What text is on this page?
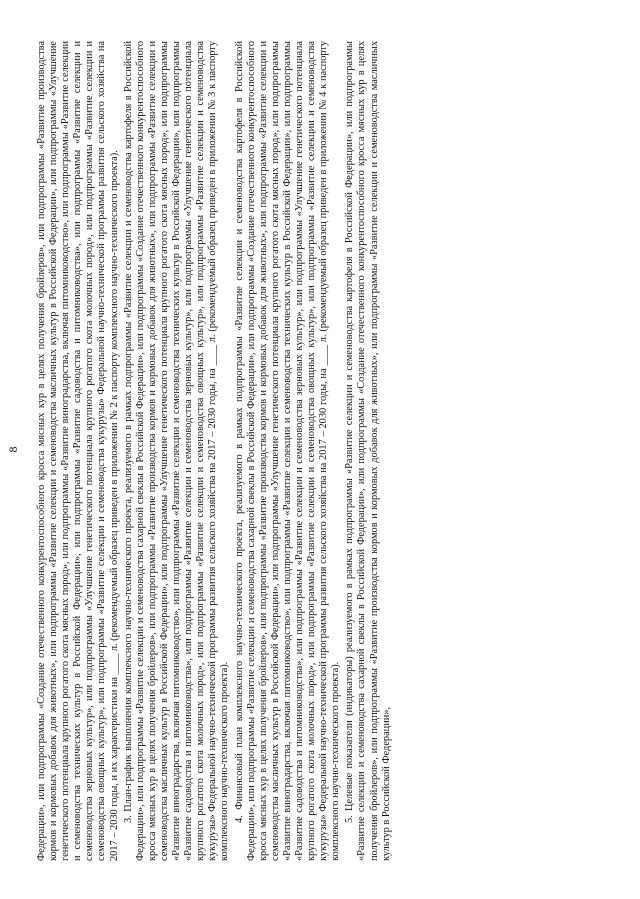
8 Федерации», или подпрограммы «Создание отечественного конкурентоспособного кросса мясных кур в целях получения бройлеров», или подпрограммы «Развитие производства кормов и кормовых добавок для животных», или подпрограммы «Развитие селекции и семеноводства масличных культур в Российской Федерации», или подпрограммы «Улучшение генетического потенциала крупного рогатого скота мясных пород», или подпрограммы «Развитие виноградарства, включая питомниководство», или подпрограммы «Развитие селекции и семеноводства технических культур в Российской Федерации», или подпрограммы «Развитие садоводства и питомниководства», или подпрограммы «Развитие селекции и семеноводства зерновых культур», или подпрограммы «Улучшение генетического потенциала крупного рогатого скота молочных пород», или подпрограммы «Развитие селекции и семеноводства овощных культур», или подпрограммы «Развитие селекции и семеноводства кукурузы» Федеральной научно-технической программы развития сельского хозяйства на 2017 – 2030 годы, и их характеристики на ____ л. (рекомендуемый образец приведен в приложении № 2 к паспорту комплексного научно-технического проекта). 3. План-график выполнения комплексного научно-технического проекта, реализуемого в рамках подпрограммы «Развитие селекции и семеноводства картофеля в Российской Федерации», или подпрограммы «Развитие селекции и семеноводства сахарной свеклы в Российской Федерации», или подпрограммы «Создание отечественного конкурентоспособного кросса мясных кур в целях получения бройлеров», или подпрограммы «Развитие производства кормов и кормовых добавок для животных», или подпрограммы «Развитие селекции и семеноводства масличных культур в Российской Федерации», или подпрограммы «Улучшение генетического потенциала крупного рогатого скота мясных пород», или подпрограммы «Развитие виноградарства, включая питомниководство», или подпрограммы «Развитие селекции и семеноводства технических культур в Российской Федерации», или подпрограммы «Развитие садоводства и питомниководства», или подпрограммы «Развитие селекции и семеноводства зерновых культур», или подпрограммы «Улучшение генетического потенциала крупного рогатого скота молочных пород», или подпрограммы «Развитие селекции и семеноводства овощных культур», или подпрограммы «Развитие селекции и семеноводства кукурузы» Федеральной научно-технической программы развития сельского хозяйства на 2017 – 2030 годы, на ____ л. (рекомендуемый образец приведен в приложении № 3 к паспорту комплексного научно-технического проекта). 4. Финансовый план комплексного научно-технического проекта, реализуемого в рамках подпрограммы «Развитие селекции и семеноводства картофеля в Российской Федерации», или подпрограммы «Развитие селекции и семеноводства сахарной свеклы в Российской Федерации», или подпрограммы «Создание отечественного конкурентоспособного кросса мясных кур в целях получения бройлеров», или подпрограммы «Развитие производства кормов и кормовых добавок для животных», или подпрограммы «Развитие селекции и семеноводства масличных культур в Российской Федерации», или подпрограммы «Улучшение генетического потенциала крупного рогатого скота мясных пород», или подпрограммы «Развитие виноградарства, включая питомниководство», или подпрограммы «Развитие селекции и семеноводства технических культур в Российской Федерации», или подпрограммы «Развитие садоводства и питомниководства», или подпрограммы «Развитие селекции и семеноводства зерновых культур», или подпрограммы «Улучшение генетического потенциала крупного рогатого скота молочных пород», или подпрограммы «Развитие селекции и семеноводства овощных культур», или подпрограммы «Развитие селекции и семеноводства кукурузы» Федеральной научно-технической программы развития сельского хозяйства на 2017 – 2030 годы, на ____ л. (рекомендуемый образец приведен в приложении № 4 к паспорту комплексного научно-технического проекта). 5. Целевые показатели (индикаторы) реализуемого в рамках подпрограммы «Развитие селекции и семеноводства картофеля в Российской Федерации», или подпрограммы «Развитие селекции и семеноводства сахарной свеклы в Российской Федерации», или подпрограммы «Создание отечественного конкурентоспособного кросса мясных кур в целях получения бройлеров», или подпрограммы «Развитие производства кормов и кормовых добавок для животных», или подпрограммы «Развитие селекции и семеноводства масличных культур в Российской Федерации»,
